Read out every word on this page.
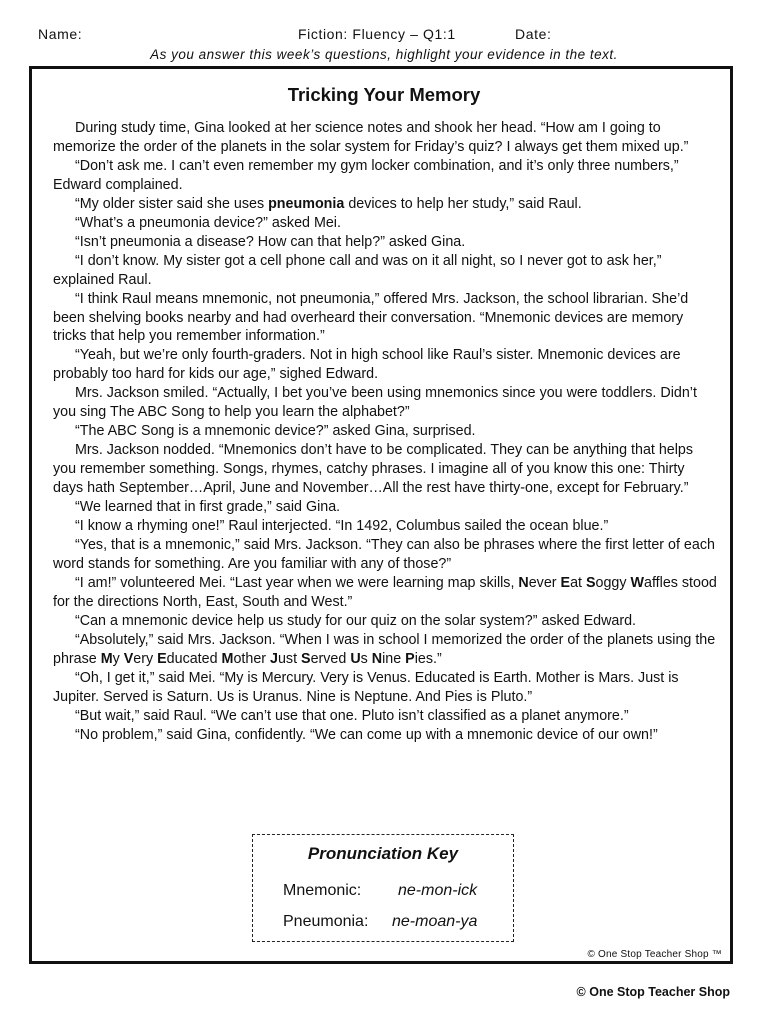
Name:	Fiction: Fluency – Q1:1	Date:
As you answer this week’s questions, highlight your evidence in the text.
Tricking Your Memory

During study time, Gina looked at her science notes and shook her head. “How am I going to memorize the order of the planets in the solar system for Friday’s quiz? I always get them mixed up.”

“Don’t ask me. I can’t even remember my gym locker combination, and it’s only three numbers,” Edward complained.

“My older sister said she uses pneumonia devices to help her study,” said Raul.

“What’s a pneumonia device?” asked Mei.

“Isn’t pneumonia a disease? How can that help?” asked Gina.

“I don’t know. My sister got a cell phone call and was on it all night, so I never got to ask her,” explained Raul.

“I think Raul means mnemonic, not pneumonia,” offered Mrs. Jackson, the school librarian. She’d been shelving books nearby and had overheard their conversation. “Mnemonic devices are memory tricks that help you remember information.”

“Yeah, but we’re only fourth-graders. Not in high school like Raul’s sister. Mnemonic devices are probably too hard for kids our age,” sighed Edward.

Mrs. Jackson smiled. “Actually, I bet you’ve been using mnemonics since you were toddlers. Didn’t you sing The ABC Song to help you learn the alphabet?”

“The ABC Song is a mnemonic device?” asked Gina, surprised.

Mrs. Jackson nodded. “Mnemonics don’t have to be complicated. They can be anything that helps you remember something. Songs, rhymes, catchy phrases. I imagine all of you know this one: Thirty days hath September…April, June and November…All the rest have thirty-one, except for February.”

“We learned that in first grade,” said Gina.

“I know a rhyming one!” Raul interjected. “In 1492, Columbus sailed the ocean blue.”

“Yes, that is a mnemonic,” said Mrs. Jackson. “They can also be phrases where the first letter of each word stands for something. Are you familiar with any of those?”

“I am!” volunteered Mei. “Last year when we were learning map skills, Never Eat Soggy Waffles stood for the directions North, East, South and West.”

“Can a mnemonic device help us study for our quiz on the solar system?” asked Edward.

“Absolutely,” said Mrs. Jackson. “When I was in school I memorized the order of the planets using the phrase My Very Educated Mother Just Served Us Nine Pies.”

“Oh, I get it,” said Mei. “My is Mercury. Very is Venus. Educated is Earth. Mother is Mars. Just is Jupiter. Served is Saturn. Us is Uranus. Nine is Neptune. And Pies is Pluto.”

“But wait,” said Raul. “We can’t use that one. Pluto isn’t classified as a planet anymore.”

“No problem,” said Gina, confidently. “We can come up with a mnemonic device of our own!”

Pronunciation Key
Mnemonic: ne-mon-ick
Pneumonia: ne-moan-ya
© One Stop Teacher Shop ™
© One Stop Teacher Shop
